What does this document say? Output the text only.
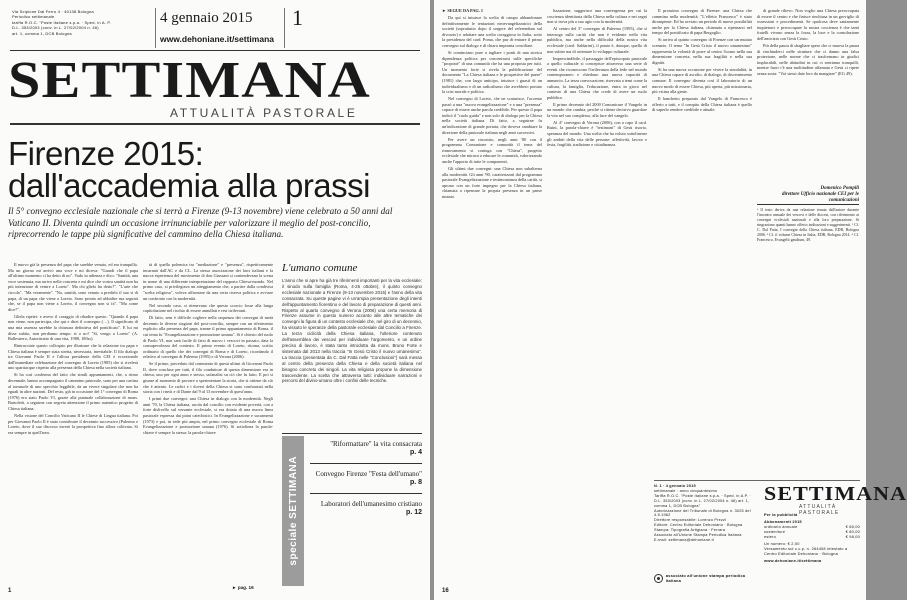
Via Scipione Dal Ferro 4 · 40138 Bologna
Periodico settimanale
tariffa R.O.C. "Poste Italiane s.p.a. · Sped. in A. P.
D.L. 353/2003 (conv. in L. 27/02/2004 n. 46)
art. 1, comma 1, DCB Bologna
4 gennaio 2015 1
www.dehoniane.it/settimana
SETTIMANA
ATTUALITÀ PASTORALE
Firenze 2015:
dall'accademia alla prassi
Il 5° convegno ecclesiale nazionale che si terrà a Firenze (9-13 novembre) viene celebrato a 50 anni dal Vaticano II. Diventa quindi un occasione irrinunciabile per valorizzare il meglio del post-concilio, riprecorrendo le tappe più significative del cammino della Chiesa italiana.

Il nuovo già la presenza del papa che sarebbe venuto, ed era tranquillo. Ma un giorno mi arrivò una voce e mi diceva: "Guardi che il papa all'ultimo momento ci ha detto di no". Vado in udienza e dico: "Santità, una voce sostenuta, ma arrivo nella concreta e mi dice che vostra santità non ha più intenzione di venire a Loreto". Ma chi glielo ha detto?". "L'arte che circola". "Ma veramente". "No, santità, sono venuto a predirlo il suo sì di papa, di un papa che viene a Loreto. Sono pronto ad ubbidire ma seguirà che, se il papa non viene a Loreto, il convegno non si fa". "Ma come dice?".

Gliela ripetei: e avevo il coraggio di ribadire questo. "Quando il papa non viene, non partecipa, che qui e direi il convegno (…). Il significato di una mia assenza sarebbe la chiusura definitiva del pontificato". E lui mi disse subito, non perdiamo tempo: sì o no? "Sì, vengo a Loreto" (A. Ballestrero, Autoritratto di una vita, 1988, 180ss).

Rintracciate questo colloquio per illustrare che la relazione tra papa e Chiesa italiana è sempre stata stretta, necessaria, inevitabile. Il filo dialogo tra Giovanni Paolo II e l'allora presidente della CEI è eccezionale dall'immediate celebrazione del convegno di Loreto (1985) che si rivelerà uno spartiacque rispetto alla presenza della Chiesa nella società italiana.

Si ha così conferma del fatto che simili appuntamenti, che, a ritmo decennale, hanno accompagnato il cammino pastorale, sono per una cartina al tornasole di uno specchio leggibile, da un vivere singolare che non ha eguali in altre nazioni. Del resto, già in occasione del 1° convegno di Roma (1976) era stato Paolo VI, grazie alla puntuale collaborazione di mons. Bartoletti, a seguirne con segreta attenzione il primo autentico progetto di Chiesa italiana.

Nella visione del Concilio Vaticano II le Chiese di Lingua italiana. Poi per Giovanni Paolo II è stato contribuire il decennio successivo (Palermo e Loreto, dove il suo discorso inverò la prospettiva fino allora coltivata. Si era sempre in quell'area.

tà di quella polemica tra "mediazione" e "presenza", rispettivamente incarnati dall'AC e da CL. La stessa associazione dei laici italiani e la nuova esperienza del movimento di don Giussani si contendevano la scena in nome di una differente interpretazione del rapporto Chiesa-mondo. Nel primo caso, si privilegiava un atteggiamento che, a partire dalla condivisa "scelta religiosa", voleva affrontare da una certa riserva politica e avviare un confronto con la modernità.

Nel secondo caso, si ritenevano che questo scorcio fosse alla lunga capitolazione nel rischio di essere annullati e resi irrilevanti.

Di fatto, sem è difficile cogliere nella sequenza dei convegni di metà decennio le diverse stagioni del post-concilio, sempre con un riferimento esplicito alla presenza del papa, tranne il primo appuntamento di Roma, il cui tema fu "Evangelizzazione e promozione umana". Si è chiesto del ruolo di Paolo VI, non sarà facile di farsi di nuovo i vescovi in passato, data la consapevolezza del contesto. Il primo evento di Loreto, ritorna, scritto ordinario di quello che dei convegni di Roma e di Loreto, ricordando il relativo al convegno di Palermo (1995) e di Verona (2006).

Se il primo, preceduto dal commento di questi ultimi di Giovanni Paolo II, dove concluse per tutti, il filo conduttore di questa dimensione era in chiesa, uno per ogni anno e stesso, un'analisi su ciò che fu fatto. E poi si giunse al momento di provare a sperimentare la storia, che si ottiene da ciò che è attento. Le radici e i doveri della Chiesa si sono confrontati nella storia con i rinvii e di Dante dal 9 al 13 novembre di quest'anno.

I primi due convegni: una Chiesa in dialogo con la modernità. Negli anni '70, la Chiesa italiana, uscita dal concilio con evidente povertà, con a forte dislivello sul versante ecclesiale, si era dotata di una nuova linea pastorale espressa dai piani catechistici. In Evangelizzazione e sacramenti (1973) e poi, in sede più ampia, nel primo convegno ecclesiale di Roma Evangelizzazione e promozione umana (1976). Si sottolinea la parola-chiave è sempre la stessa: la parola-chiave

L'umano comune
L'anno che si apre ha già tre riferimenti importanti per la vita ecclesiale: il sinodo sulla famiglia (Roma, 4-25 ottobre), il quinto convegno ecclesiale nazionale a Firenze (9-13 novembre 2015) e l'anno della vita consacrata. Su queste pagine vi è un'ampia presentazione degli intenti dell'appuntamento fiorentino e del lavoro di preparazione di questi anni. Rispetto al quarto convegno di Verona (2006) una certa memoria di Firenze assume in questo numero accanto alle altre tematiche dei convegni la figura di un contesto ecclesiale che, nel giro di un decennio, ha vissuto le speranze della pastorale ecclesiale dal Concilio a Firenze. La terza ciclicità della Chiesa italiana, l'ulteriore contenuto dell'assemblea dei vescovi per individuare l'argomento, e un ordine preciso di lavoro, è stata tanto introdotta da mons. Bruno Forte e sistemata dal 2013 nella traccia "In Gesù Cristo il nuovo umanesimo". La traccia (presentata da C. Dal Fatta nelle "Conclusioni") sarà messa al centro della presenza della Chiesa e della società italiana nel bisogno concreto dei singoli. La vita religiosa propone la dimensione trascendente. La scelta che attraversa tutti: individuare narrazioni e percorsi del divino-umano oltre i confini delle tecniche.
speciale SETTIMANA
"Riformattare" la vita consacrata
p. 4
Convegno Firenze "Festa dell'umano"
p. 8
Laboratori dell'umanesimo cristiano
p. 12
► pag. 16
1

► SEGUE DA PAG. 1

Da qui si intuisce la scelta di campo abbandonare definitivamente le tentazioni neoevangelizzatrici della società (soprattutto dopo il sorgere del referendum sul divorzio) e adottare una scelta coraggiosa in Italia, sotto la presidenza del card. Poma, che pur di entrare il primo convegno sul dialogo e di chiara impronta conciliare.

Si cominciano pure a tagliare i ponti di una storica dipendenza politica per concentrarsi sulle specifiche "proposte" di una comunità che ha una proposta per tutti. Un momento forte si rivela la pubblicazione del documento "La Chiesa italiana e le prospettive del paese" (1981) che, con largo anticipo, intuisce i guasti di un individualismo e di un radicalismo che avrebbero portato la crisi morale e politica.

Nel convegno di Loreto, che ne scaturisce, l'accento passò a una "nuova evangelizzazione" e a una "presenza" capace di essere anche parola credibile. Per questo il papa indicò il "ruolo guida" e non solo di dialogo per la Chiesa nella società italiana. Di fatto, a seguirne fu un'indicazione di grande portata, che doveva cambiare la direzione della pastorale italiana negli anni successivi.

Per avere un riscontro, negli anni '80 con il programma Comunione e comunità il tema del rinnovamento si coniuga con "Chiesa", progetto ecclesiale che mirava a educare le comunità, valorizzando anche l'apporto di tutte le componenti.

Gli ultimi due convegni: una Chiesa non subalterna alla modernità. Gli anni '90, caratterizzati dal programma pastorale Evangelizzazione e testimonianza della carità, si aprono con un forte impegno per la Chiesa italiana, chiamata a ripensare la propria presenza in un paese mutato.

lizzazione, suggerisce una convergenza per cui la coscienza identitaria della Chiesa nella cultura e nei segni non si trova più a suo agio con la modernità.

Al centro del 3° convegno di Palermo (1995), che si interroga sulla carità che non è evidente nella vita pubblica, ma anche nella difficoltà della nostra vita ecclesiale (card. Saldarini), il punto è, dunque, quello di non subire ma di orientare lo sviluppo culturale.

Imprescindibile, il passaggio dell'episcopato pastorale a quello culturale si concepisce attraverso una serie di eventi che riconoscono l'irrilevanza della fede nel mondo contemporaneo e chiedono una nuova capacità di annuncio. La terza convocazione, riservata a temi come la cultura, la famiglia, l'educazione, entra in gioco nel contesto di una Chiesa che crede di avere un ruolo pubblico.

Il primo decennio del 2000 Comunicare il Vangelo in un mondo che cambia, perché si ritiene decisivo guardare la vita nel suo complesso, alla luce del vangelo.

Al 4° convegno di Verona (2006), con a capo il card. Ruini, la parola-chiave è "testimoni" di Gesù risorto, speranza del mondo. Una scelta che ha voluto sottolineare gli ambiti della vita delle persone: affettività, lavoro e festa, fragilità, tradizione e cittadinanza.

Il prossimo convegno di Firenze: una Chiesa che cammina nella modernità. "L'effetto Francesco" è stato dirompente. Ed ha avviato un periodo di nuove possibilità anche per la Chiesa italiana, chiamata a ripensarsi nel tempo del pontificato di papa Bergoglio.

Si arriva al quinto convegno di Firenze con un mutato scenario. Il tema "In Gesù Cristo il nuovo umanesimo" rappresenta la volontà di porre al centro l'uomo nella sua dimensione concreta, nella sua fragilità e nella sua dignità.

Si ha una nuova occasione per vivere la sinodalità, in una Chiesa capace di ascolto, di dialogo, di discernimento comune. Il convegno diventa così il laboratorio di un nuovo modo di essere Chiesa, più aperta, più missionaria, più vicina alla gente.

Il banchetto preparato dal Vangelo di Francesco è offerto a tutti, e il compito della Chiesa italiana è quello di saperlo rendere credibile e attuale.

di grande rilievo. Non voglio una Chiesa preoccupata di essere il centro e che finisce rinchiusa in un groviglio di ossessioni e procedimenti. Se qualcosa deve santamente inquietarci e preoccupare la nostra coscienza è che tanti fratelli vivono senza la forza, la luce e la consolazione dell'amicizia con Gesù Cristo.

Più della paura di sbagliare spero che ci muova la paura di rinchiuderci nelle strutture che ci danno una falsa protezione, nelle norme che ci trasformano in giudici implacabili, nelle abitudini in cui ci sentiamo tranquilli, mentre fuori c'è una moltitudine affamata e Gesù ci ripete senza sosta: "Voi stessi date loro da mangiare" (EG 49).

Domenico Pompili
direttore Ufficio nazionale CEI per le comunicazioni
¹ Il testo deriva da una relazione tenuta dall'autore durante l'incontro annuale dei vescovi e delle diocesi, con riferimento ai convegni ecclesiali nazionali e alla loro preparazione. Si ringraziano quanti hanno offerto indicazioni e suggerimenti. ² Cf. C. Dal Fatta, I convegni della Chiesa italiana, EDB, Bologna 2006. ³ Cf. il volume Chiesa in Italia, EDB, Bologna 2014. ⁴ Cf. Francesco, Evangelii gaudium, 49.
SETTIMANA
ATTUALITÀ PASTORALE
N. 1 · 4 gennaio 2015
settimanale · anno cinquantesimo
Tariffa R.O.C. "Poste Italiane s.p.a. · Sped. in A.P. · D.L. 353/2003 (conv. in L. 27/02/2004 n. 46) art. 1, comma 1, DCB Bologna"
Autorizzazione del Tribunale di Bologna n. 3025 del 4.5.1962
Direttore responsabile: Lorenzo Prezzi
Editore: Centro Editoriale Dehoniano · Bologna
Stampa: Tipografia Artigiana · Ferrara
Associato all'Unione Stampa Periodica Italiana
E-mail: settimana@dehoniane.it
associato all'unione stampa periodica italiana
Per la pubblicità
Abbonamenti 2015
ordinario annuale	€ 65,00
sostenitore	€ 80,00
estero	€ 98,00
Un numero: € 2,00
Versamento sul c.c.p. n. 264408 intestato a Centro Editoriale Dehoniano · Bologna
www.dehoniane.it/settimana
16
